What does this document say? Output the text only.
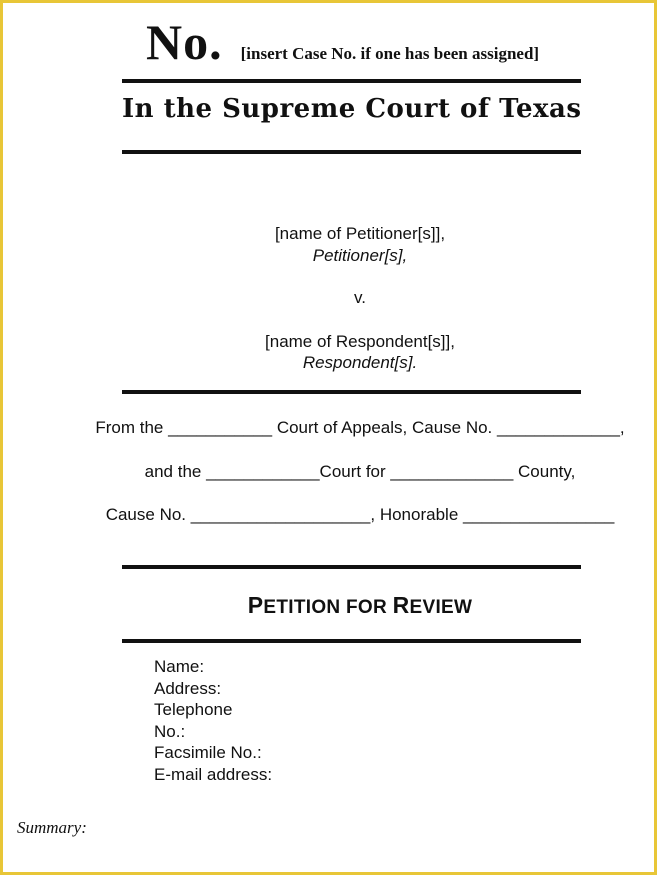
No. [insert Case No. if one has been assigned]
In the Supreme Court of Texas
[name of Petitioner[s]],
Petitioner[s],
v.
[name of Respondent[s]],
Respondent[s].
From the ___________ Court of Appeals, Cause No. _____________,
and the ____________Court for _____________ County,
Cause No. ___________________, Honorable ________________
PETITION FOR REVIEW
Name:
Address:
Telephone
No.:
Facsimile No.:
E-mail address:
Summary:
